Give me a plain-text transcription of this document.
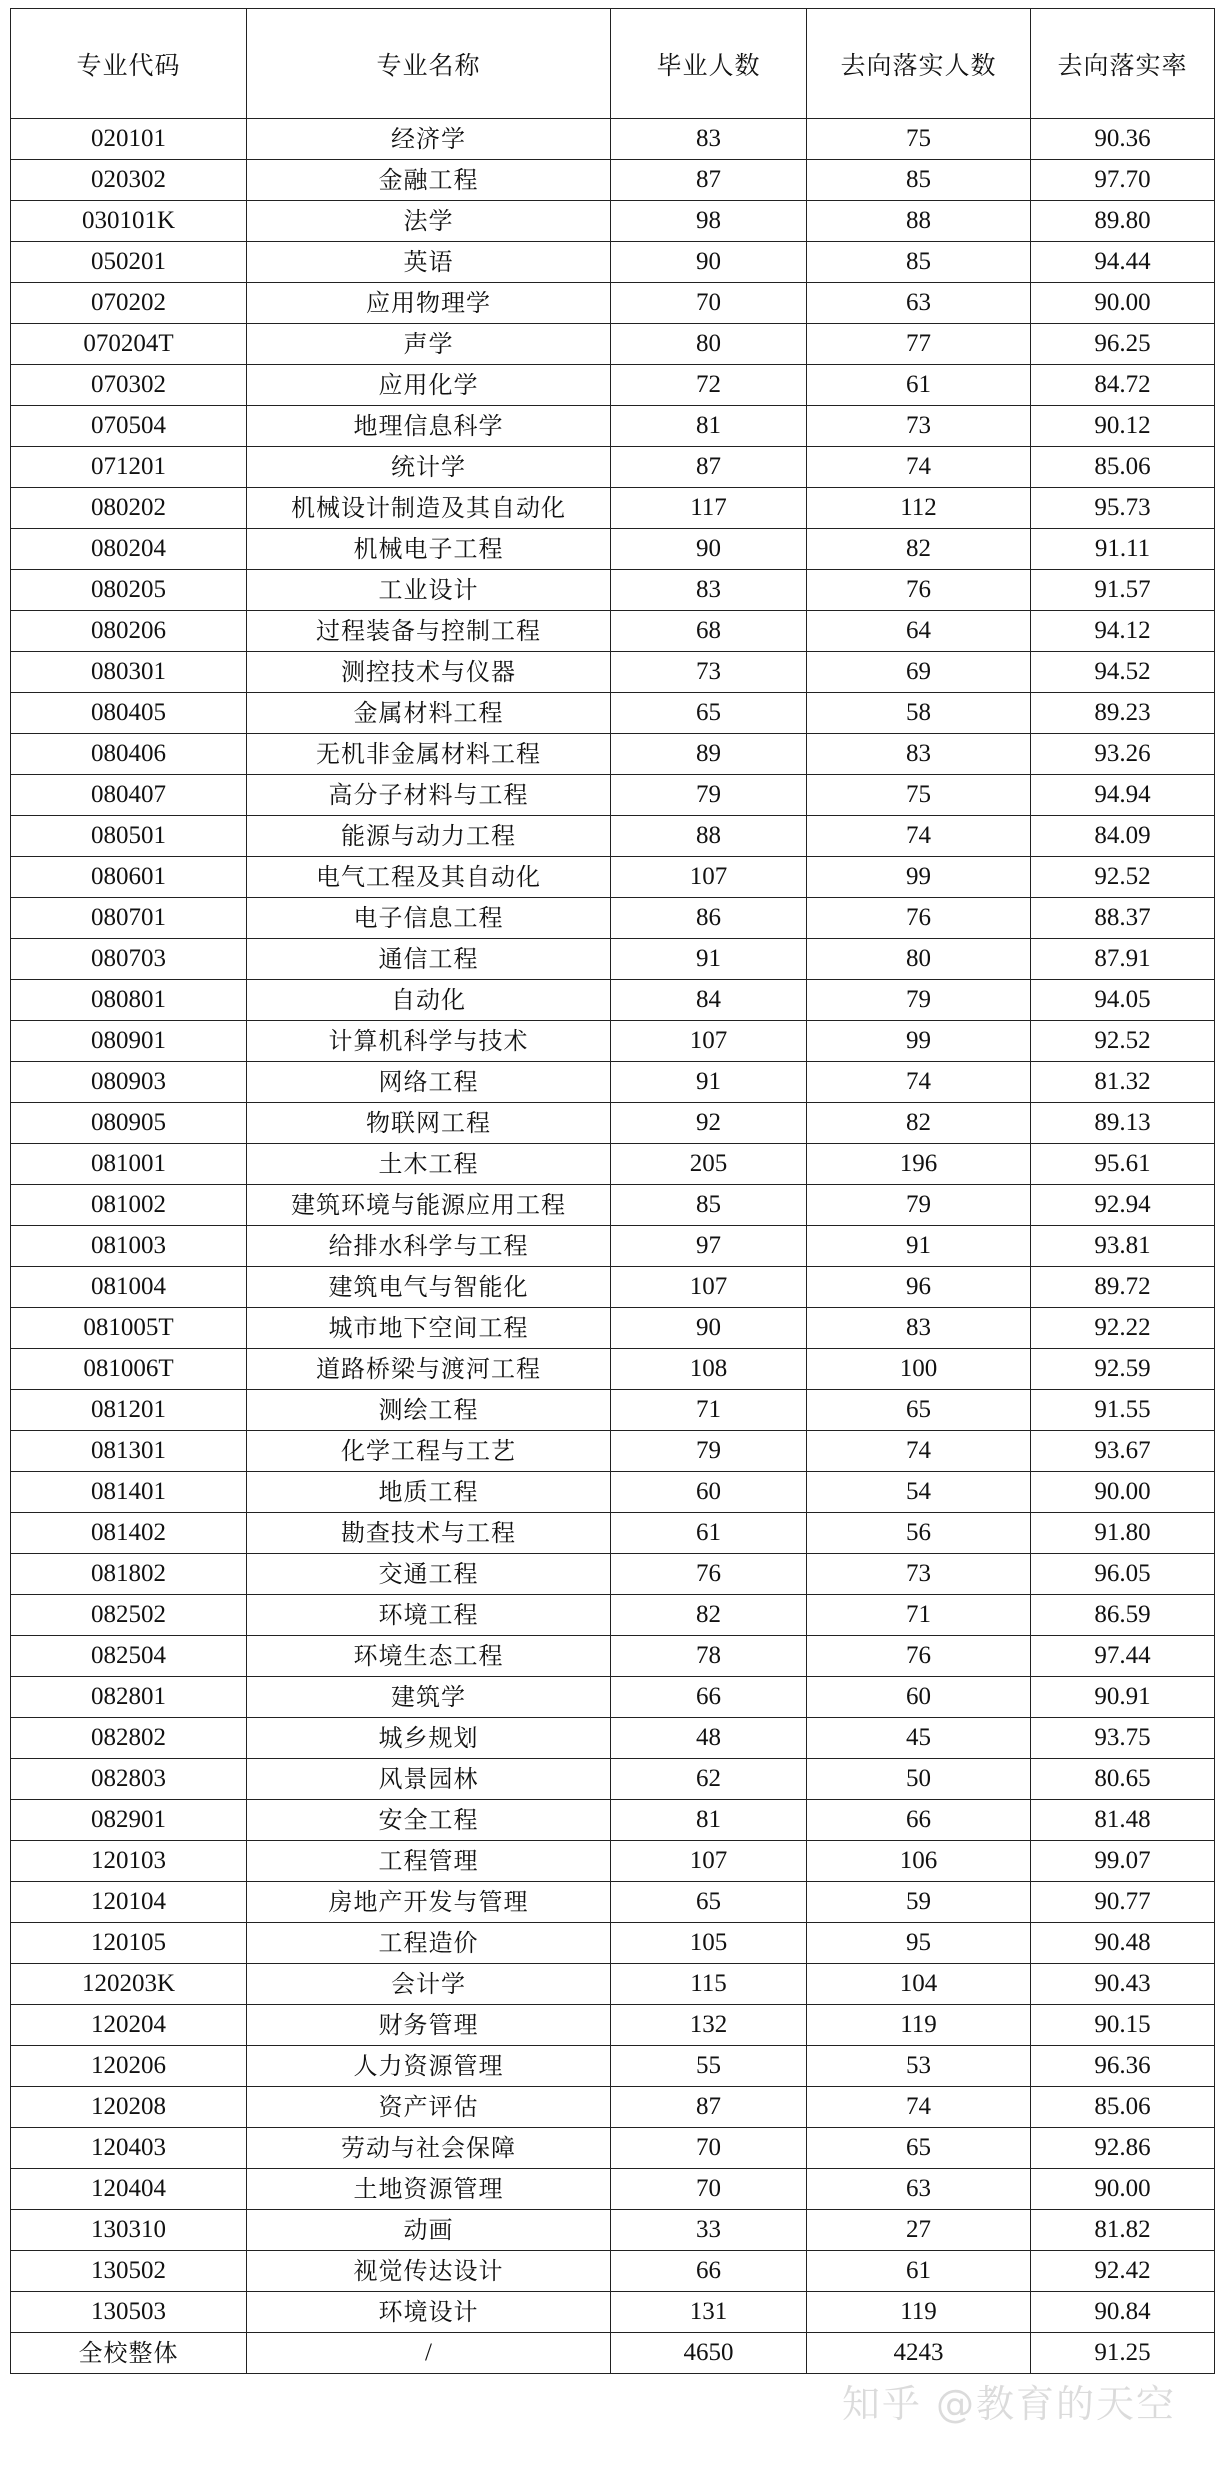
专业代码	专业名称	毕业人数	去向落实人数	去向落实率
020101	经济学	83	75	90.36
020302	金融工程	87	85	97.70
030101K	法学	98	88	89.80
050201	英语	90	85	94.44
070202	应用物理学	70	63	90.00
070204T	声学	80	77	96.25
070302	应用化学	72	61	84.72
070504	地理信息科学	81	73	90.12
071201	统计学	87	74	85.06
080202	机械设计制造及其自动化	117	112	95.73
080204	机械电子工程	90	82	91.11
080205	工业设计	83	76	91.57
080206	过程装备与控制工程	68	64	94.12
080301	测控技术与仪器	73	69	94.52
080405	金属材料工程	65	58	89.23
080406	无机非金属材料工程	89	83	93.26
080407	高分子材料与工程	79	75	94.94
080501	能源与动力工程	88	74	84.09
080601	电气工程及其自动化	107	99	92.52
080701	电子信息工程	86	76	88.37
080703	通信工程	91	80	87.91
080801	自动化	84	79	94.05
080901	计算机科学与技术	107	99	92.52
080903	网络工程	91	74	81.32
080905	物联网工程	92	82	89.13
081001	土木工程	205	196	95.61
081002	建筑环境与能源应用工程	85	79	92.94
081003	给排水科学与工程	97	91	93.81
081004	建筑电气与智能化	107	96	89.72
081005T	城市地下空间工程	90	83	92.22
081006T	道路桥梁与渡河工程	108	100	92.59
081201	测绘工程	71	65	91.55
081301	化学工程与工艺	79	74	93.67
081401	地质工程	60	54	90.00
081402	勘查技术与工程	61	56	91.80
081802	交通工程	76	73	96.05
082502	环境工程	82	71	86.59
082504	环境生态工程	78	76	97.44
082801	建筑学	66	60	90.91
082802	城乡规划	48	45	93.75
082803	风景园林	62	50	80.65
082901	安全工程	81	66	81.48
120103	工程管理	107	106	99.07
120104	房地产开发与管理	65	59	90.77
120105	工程造价	105	95	90.48
120203K	会计学	115	104	90.43
120204	财务管理	132	119	90.15
120206	人力资源管理	55	53	96.36
120208	资产评估	87	74	85.06
120403	劳动与社会保障	70	65	92.86
120404	土地资源管理	70	63	90.00
130310	动画	33	27	81.82
130502	视觉传达设计	66	61	92.42
130503	环境设计	131	119	90.84
全校整体	/	4650	4243	91.25
知乎 @教育的天空
